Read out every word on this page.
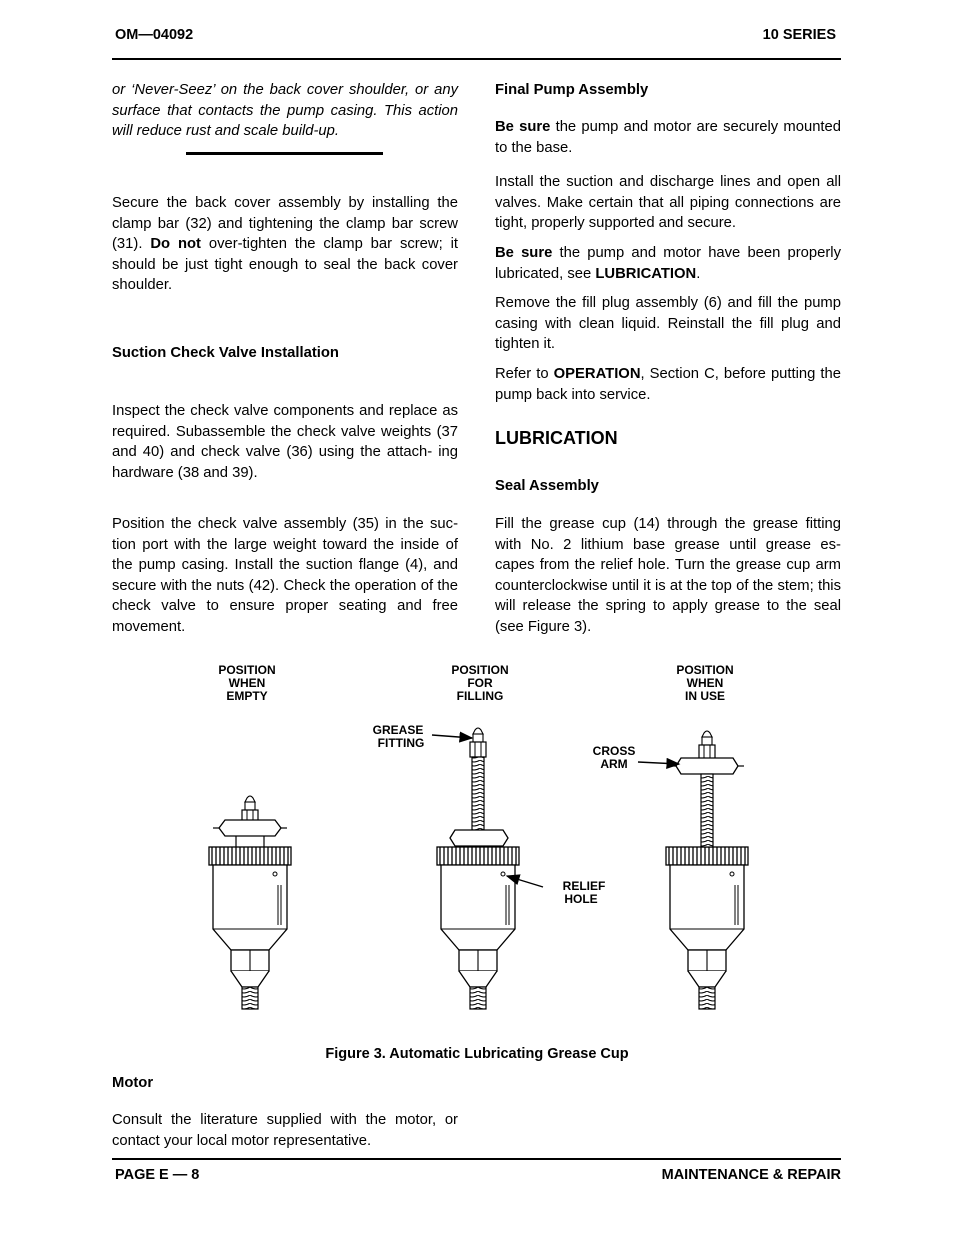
OM—04092	10 SERIES
or ‘Never-Seez’ on the back cover shoulder, or any surface that contacts the pump casing. This action will reduce rust and scale build-up.
Secure the back cover assembly by installing the clamp bar (32) and tightening the clamp bar screw (31). Do not over-tighten the clamp bar screw; it should be just tight enough to seal the back cover shoulder.
Suction Check Valve Installation
Inspect the check valve components and replace as required. Subassemble the check valve weights (37 and 40) and check valve (36) using the attach- ing hardware (38 and 39).
Position the check valve assembly (35) in the suc- tion port with the large weight toward the inside of the pump casing. Install the suction flange (4), and secure with the nuts (42). Check the operation of the check valve to ensure proper seating and free movement.
Final Pump Assembly
Be sure the pump and motor are securely mounted to the base.
Install the suction and discharge lines and open all valves. Make certain that all piping connections are tight, properly supported and secure.
Be sure the pump and motor have been properly lubricated, see LUBRICATION.
Remove the fill plug assembly (6) and fill the pump casing with clean liquid. Reinstall the fill plug and tighten it.
Refer to OPERATION, Section C, before putting the pump back into service.
LUBRICATION
Seal Assembly
Fill the grease cup (14) through the grease fitting with No. 2 lithium base grease until grease es- capes from the relief hole. Turn the grease cup arm counterclockwise until it is at the top of the stem; this will release the spring to apply grease to the seal (see Figure 3).
POSITION
WHEN
EMPTY
POSITION
FOR
FILLING
POSITION
WHEN
IN USE
GREASE
FITTING
CROSS
ARM
RELIEF
HOLE
Figure 3. Automatic Lubricating Grease Cup
Motor
Consult the literature supplied with the motor, or contact your local motor representative.
PAGE E — 8	MAINTENANCE & REPAIR
